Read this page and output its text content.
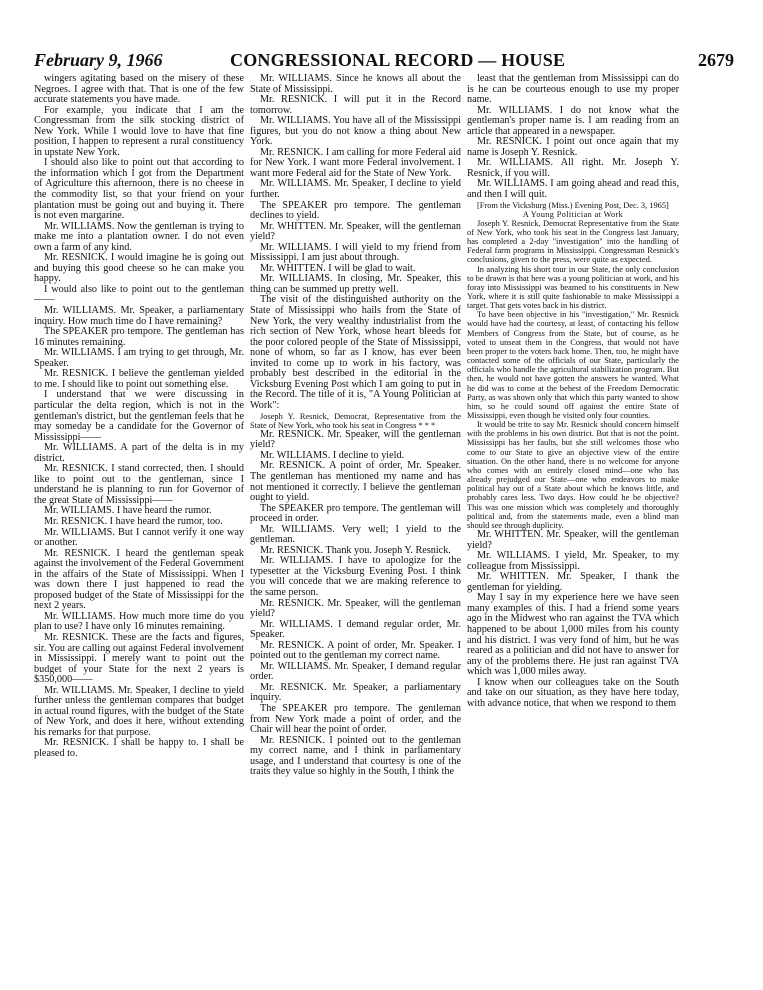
February 9, 1966	CONGRESSIONAL RECORD — HOUSE	2679

wingers agitating based on the misery of these Negroes. I agree with that. That is one of the few accurate statements you have made.

For example, you indicate that I am the Congressman from the silk stocking district of New York. While I would love to have that fine position, I happen to represent a rural constituency in upstate New York.

I should also like to point out that according to the information which I got from the Department of Agriculture this afternoon, there is no cheese in the commodity list, so that your friend on your plantation must be going out and buying it. There is not even margarine.

Mr. WILLIAMS. Now the gentleman is trying to make me into a plantation owner. I do not even own a farm of any kind.

Mr. RESNICK. I would imagine he is going out and buying this good cheese so he can make you happy.

I would also like to point out to the gentleman——

Mr. WILLIAMS. Mr. Speaker, a parliamentary inquiry. How much time do I have remaining?

The SPEAKER pro tempore. The gentleman has 16 minutes remaining.

Mr. WILLIAMS. I am trying to get through, Mr. Speaker.

Mr. RESNICK. I believe the gentleman yielded to me. I should like to point out something else.

I understand that we were discussing in particular the delta region, which is not in the gentleman's district, but the gentleman feels that he may someday be a candidate for the Governor of Mississippi——

Mr. WILLIAMS. A part of the delta is in my district.

Mr. RESNICK. I stand corrected, then. I should like to point out to the gentleman, since I understand he is planning to run for Governor of the great State of Mississippi——

Mr. WILLIAMS. I have heard the rumor.

Mr. RESNICK. I have heard the rumor, too.

Mr. WILLIAMS. But I cannot verify it one way or another.

Mr. RESNICK. I heard the gentleman speak against the involvement of the Federal Government in the affairs of the State of Mississippi. When I was down there I just happened to read the proposed budget of the State of Mississippi for the next 2 years.

Mr. WILLIAMS. How much more time do you plan to use? I have only 16 minutes remaining.

Mr. RESNICK. These are the facts and figures, sir. You are calling out against Federal involvement in Mississippi. I merely want to point out the budget of your State for the next 2 years is $350,000——

Mr. WILLIAMS. Mr. Speaker, I decline to yield further unless the gentleman compares that budget in actual round figures, with the budget of the State of New York, and does it here, without extending his remarks for that purpose.

Mr. RESNICK. I shall be happy to. I shall be pleased to.

Mr. WILLIAMS. Since he knows all about the State of Mississippi.

Mr. RESNICK. I will put it in the Record tomorrow.

Mr. WILLIAMS. You have all of the Mississippi figures, but you do not know a thing about New York.

Mr. RESNICK. I am calling for more Federal aid for New York. I want more Federal involvement. I want more Federal aid for the State of New York.

Mr. WILLIAMS. Mr. Speaker, I decline to yield further.

The SPEAKER pro tempore. The gentleman declines to yield.

Mr. WHITTEN. Mr. Speaker, will the gentleman yield?

Mr. WILLIAMS. I will yield to my friend from Mississippi. I am just about through.

Mr. WHITTEN. I will be glad to wait.

Mr. WILLIAMS. In closing, Mr. Speaker, this thing can be summed up pretty well.

The visit of the distinguished authority on the State of Mississippi who hails from the State of New York, the very wealthy industrialist from the rich section of New York, whose heart bleeds for the poor colored people of the State of Mississippi, none of whom, so far as I know, has ever been invited to come up to work in his factory, was probably best described in the editorial in the Vicksburg Evening Post which I am going to put in the Record. The title of it is, "A Young Politician at Work":

Joseph Y. Resnick, Democrat, Representative from the State of New York, who took his seat in Congress * * *

Mr. RESNICK. Mr. Speaker, will the gentleman yield?

Mr. WILLIAMS. I decline to yield.

Mr. RESNICK. A point of order, Mr. Speaker. The gentleman has mentioned my name and has not mentioned it correctly. I believe the gentleman ought to yield.

The SPEAKER pro tempore. The gentleman will proceed in order.

Mr. WILLIAMS. Very well; I yield to the gentleman.

Mr. RESNICK. Thank you. Joseph Y. Resnick.

Mr. WILLIAMS. I have to apologize for the typesetter at the Vicksburg Evening Post. I think you will concede that we are making reference to the same person.

Mr. RESNICK. Mr. Speaker, will the gentleman yield?

Mr. WILLIAMS. I demand regular order, Mr. Speaker.

Mr. RESNICK. A point of order, Mr. Speaker. I pointed out to the gentleman my correct name.

Mr. WILLIAMS. Mr. Speaker, I demand regular order.

Mr. RESNICK. Mr. Speaker, a parliamentary inquiry.

The SPEAKER pro tempore. The gentleman from New York made a point of order, and the Chair will hear the point of order.

Mr. RESNICK. I pointed out to the gentleman my correct name, and I think in parliamentary usage, and I understand that courtesy is one of the traits they value so highly in the South, I think the

least that the gentleman from Mississippi can do is he can be courteous enough to use my proper name.

Mr. WILLIAMS. I do not know what the gentleman's proper name is. I am reading from an article that appeared in a newspaper.

Mr. RESNICK. I point out once again that my name is Joseph Y. Resnick.

Mr. WILLIAMS. All right. Mr. Joseph Y. Resnick, if you will.

Mr. WILLIAMS. I am going ahead and read this, and then I will quit.

[From the Vicksburg (Miss.) Evening Post, Dec. 3, 1965]

A Young Politician at Work

Joseph Y. Resnick, Democrat Representative from the State of New York, who took his seat in the Congress last January, has completed a 2-day "investigation" into the handling of Federal farm programs in Mississippi. Congressman Resnick's conclusions, given to the press, were quite as expected.

In analyzing his short tour in our State, the only conclusion to be drawn is that here was a young politician at work, and his foray into Mississippi was beamed to his constituents in New York, where it is still quite fashionable to make Mississippi a target. That gets votes back in his district.

To have been objective in his "investigation," Mr. Resnick would have had the courtesy, at least, of contacting his fellow Members of Congress from the State, but of course, as he voted to unseat them in the Congress, that would not have been proper to the voters back home. Then, too, he might have contacted some of the officials of our State, particularly the officials who handle the agricultural stabilization program. But then, he would not have gotten the answers he wanted. What he did was to come at the behest of the Freedom Democratic Party, as was shown only that which this party wanted to show him, so he could sound off against the entire State of Mississippi, even though he visited only four counties.

It would be trite to say Mr. Resnick should concern himself with the problems in his own district. But that is not the point. Mississippi has her faults, but she still welcomes those who come to our State to give an objective view of the entire situation. On the other hand, there is no welcome for anyone who comes with an entirely closed mind—one who has already prejudged our State—one who endeavors to make political hay out of a State about which he knows little, and probably cares less. Two days. How could he be objective? This was one mission which was completely and thoroughly political and, from the statements made, even a blind man should see through duplicity.

Mr. WHITTEN. Mr. Speaker, will the gentleman yield?

Mr. WILLIAMS. I yield, Mr. Speaker, to my colleague from Mississippi.

Mr. WHITTEN. Mr. Speaker, I thank the gentleman for yielding.

May I say in my experience here we have seen many examples of this. I had a friend some years ago in the Midwest who ran against the TVA which happened to be about 1,000 miles from his county and his district. I was very fond of him, but he was reared as a politician and did not have to answer for any of the problems there. He just ran against TVA which was 1,000 miles away.

I know when our colleagues take on the South and take on our situation, as they have here today, with advance notice, that when we respond to them
